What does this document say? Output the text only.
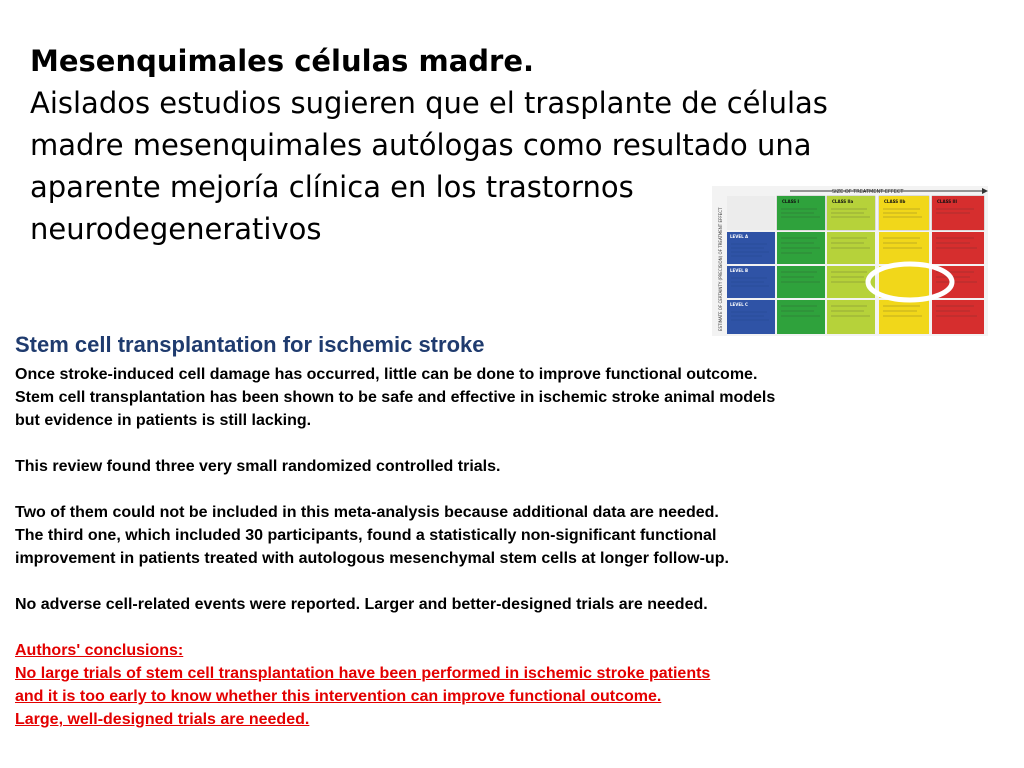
Mesenquimales células madre.
Aislados estudios sugieren que el trasplante de células
madre mesenquimales autólogas como resultado una
aparente mejoría clínica en los trastornos
neurodegenerativos
SIZE OF TREATMENT EFFECT
ESTIMATE OF CERTAINTY (PRECISION) OF TREATMENT EFFECT
CLASS I	CLASS IIa	CLASS IIb	CLASS III
LEVEL A
LEVEL B
LEVEL C
Stem cell transplantation for ischemic stroke

Once stroke-induced cell damage has occurred, little can be done to improve functional outcome.

Stem cell transplantation has been shown to be safe and effective in ischemic stroke animal models

but evidence in patients is still lacking.

This review found three very small randomized controlled trials.

Two of them could not be included in this meta-analysis because additional data are needed.

The third one, which included 30 participants, found a statistically non-significant functional

improvement in patients treated with autologous mesenchymal stem cells at longer follow-up.

No adverse cell-related events were reported. Larger and better-designed trials are needed.

Authors' conclusions:

No large trials of stem cell transplantation have been performed in ischemic stroke patients

and it is too early to know whether this intervention can improve functional outcome.

Large, well-designed trials are needed.
